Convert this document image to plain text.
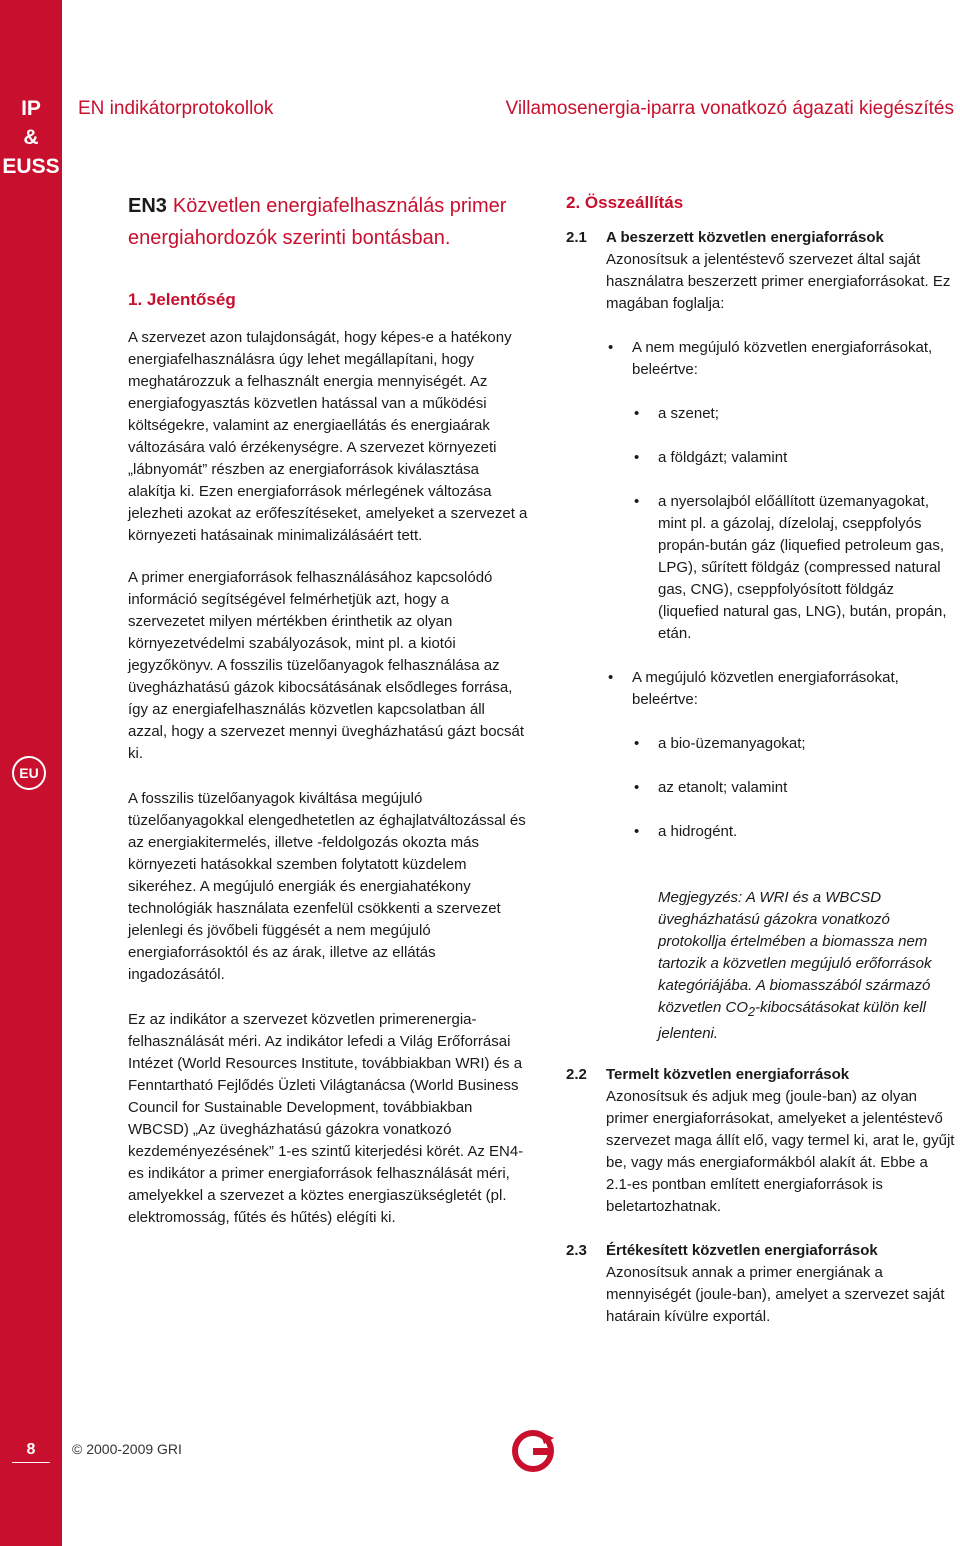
IP
&
EUSS
EU
8
EN indikátorprotokollok	Villamosenergia-iparra vonatkozó ágazati kiegészítés
EN3 Közvetlen energiafelhasználás primer energiahordozók szerinti bontásban.
1. Jelentőség

A szervezet azon tulajdonságát, hogy képes-e a hatékony energiafelhasználásra úgy lehet megállapítani, hogy meghatározzuk a felhasznált energia mennyiségét. Az energiafogyasztás közvetlen hatással van a működési költségekre, valamint az energiaellátás és energiaárak változására való érzékenységre. A szervezet környezeti „lábnyomát” részben az energiaforrások kiválasztása alakítja ki. Ezen energiaforrások mérlegének változása jelezheti azokat az erőfeszítéseket, amelyeket a szervezet a környezeti hatásainak minimalizálásáért tett.

A primer energiaforrások felhasználásához kapcsolódó információ segítségével felmérhetjük azt, hogy a szervezetet milyen mértékben érinthetik az olyan környezetvédelmi szabályozások, mint pl. a kiotói jegyzőkönyv. A fosszilis tüzelőanyagok felhasználása az üvegházhatású gázok kibocsátásának elsődleges forrása, így az energiafelhasználás közvetlen kapcsolatban áll azzal, hogy a szervezet mennyi üvegházhatású gázt bocsát ki.

A fosszilis tüzelőanyagok kiváltása megújuló tüzelőanyagokkal elengedhetetlen az éghajlatváltozással és az energiakitermelés, illetve -feldolgozás okozta más környezeti hatásokkal szemben folytatott küzdelem sikeréhez. A megújuló energiák és energiahatékony technológiák használata ezenfelül csökkenti a szervezet jelenlegi és jövőbeli függését a nem megújuló energiaforrásoktól és az árak, illetve az ellátás ingadozásától.

Ez az indikátor a szervezet közvetlen primerenergia-felhasználását méri. Az indikátor lefedi a Világ Erőforrásai Intézet (World Resources Institute, továbbiakban WRI) és a Fenntartható Fejlődés Üzleti Világtanácsa (World Business Council for Sustainable Development, továbbiakban WBCSD) „Az üvegházhatású gázokra vonatkozó kezdeményezésének” 1-es szintű kiterjedési körét. Az EN4-es indikátor a primer energiaforrások felhasználását méri, amelyekkel a szervezet a köztes energiaszükségletét (pl. elektromosság, fűtés és hűtés) elégíti ki.

2. Összeállítás
2.1 A beszerzett közvetlen energiaforrások
Azonosítsuk a jelentéstevő szervezet által saját használatra beszerzett primer energiaforrásokat. Ez magában foglalja:
• A nem megújuló közvetlen energiaforrásokat, beleértve:
• a szenet;
• a földgázt; valamint
• a nyersolajból előállított üzemanyagokat, mint pl. a gázolaj, dízelolaj, cseppfolyós propán-bután gáz (liquefied petroleum gas, LPG), sűrített földgáz (compressed natural gas, CNG), cseppfolyósított földgáz (liquefied natural gas, LNG), bután, propán, etán.
• A megújuló közvetlen energiaforrásokat, beleértve:
• a bio-üzemanyagokat;
• az etanolt; valamint
• a hidrogént.
Megjegyzés: A WRI és a WBCSD üvegházhatású gázokra vonatkozó protokollja értelmében a biomassza nem tartozik a közvetlen megújuló erőforrások kategóriájába. A biomasszából származó közvetlen $CO_2$-kibocsátásokat külön kell jelenteni.
2.2 Termelt közvetlen energiaforrások
Azonosítsuk és adjuk meg (joule-ban) az olyan primer energiaforrásokat, amelyeket a jelentéstevő szervezet maga állít elő, vagy termel ki, arat le, gyűjt be, vagy más energiaformákból alakít át. Ebbe a 2.1-es pontban említett energiaforrások is beletartozhatnak.
2.3 Értékesített közvetlen energiaforrások
Azonosítsuk annak a primer energiának a mennyiségét (joule-ban), amelyet a szervezet saját határain kívülre exportál.
© 2000-2009 GRI
